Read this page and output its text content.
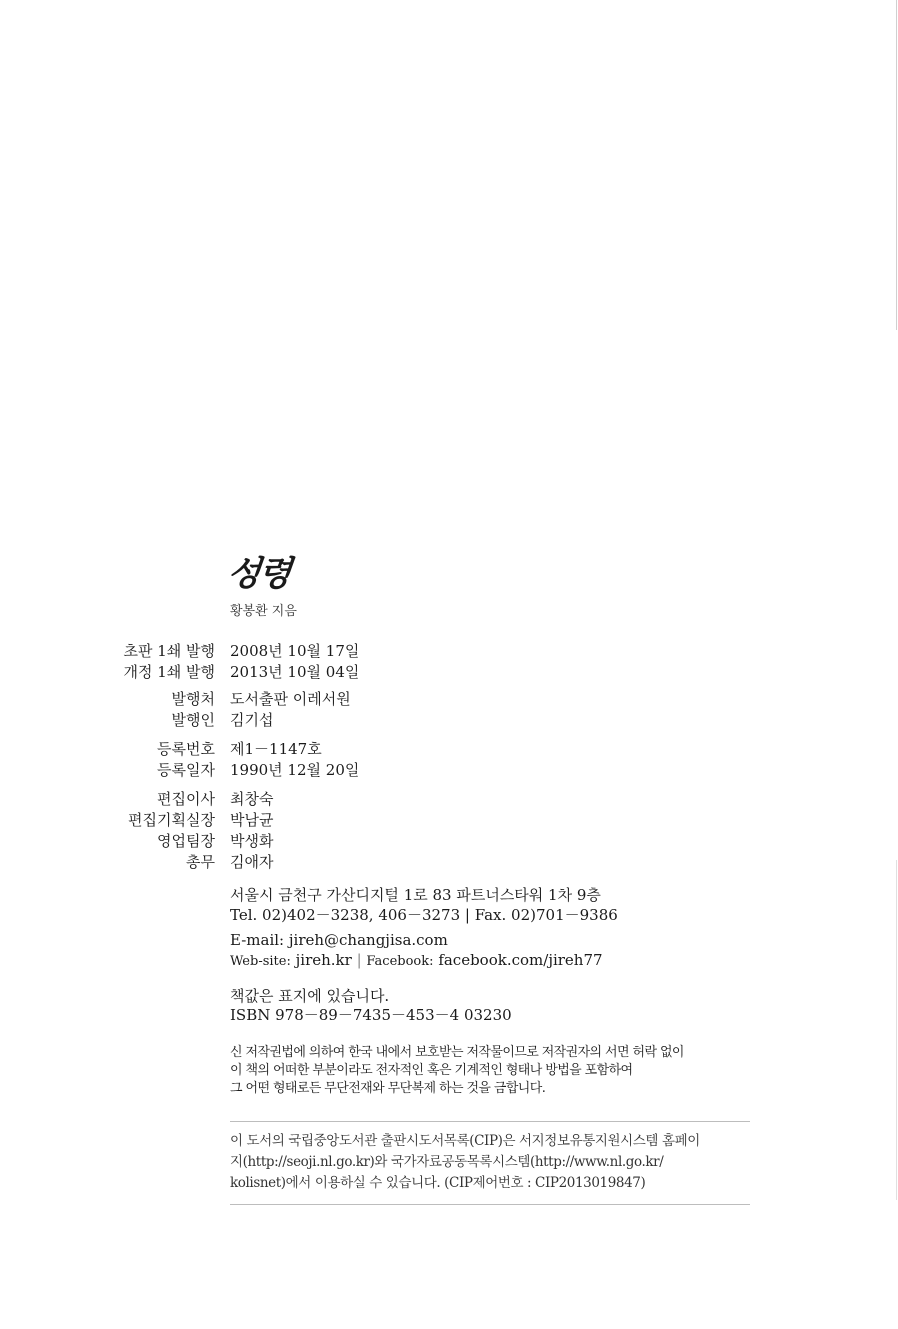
성령
황봉환 지음
초판 1쇄 발행 2008년 10월 17일
개정 1쇄 발행 2013년 10월 04일
발행처 도서출판 이레서원
발행인 김기섭
등록번호 제1－1147호
등록일자 1990년 12월 20일
편집이사 최창숙
편집기획실장 박남균
영업팀장 박생화
총무 김애자
서울시 금천구 가산디지털 1로 83 파트너스타워 1차 9층
Tel. 02)402－3238, 406－3273 | Fax. 02)701－9386
E-mail: jireh@changjisa.com
Web-site: jireh.kr | Facebook: facebook.com/jireh77
책값은 표지에 있습니다.
ISBN 978－89－7435－453－4 03230
신 저작권법에 의하여 한국 내에서 보호받는 저작물이므로 저작권자의 서면 허락 없이
이 책의 어떠한 부분이라도 전자적인 혹은 기계적인 형태나 방법을 포함하여
그 어떤 형태로든 무단전재와 무단복제 하는 것을 금합니다.
이 도서의 국립중앙도서관 출판시도서목록(CIP)은 서지정보유통지원시스템 홈페이
지(http://seoji.nl.go.kr)와 국가자료공동목록시스템(http://www.nl.go.kr/
kolisnet)에서 이용하실 수 있습니다. (CIP제어번호 : CIP2013019847)
